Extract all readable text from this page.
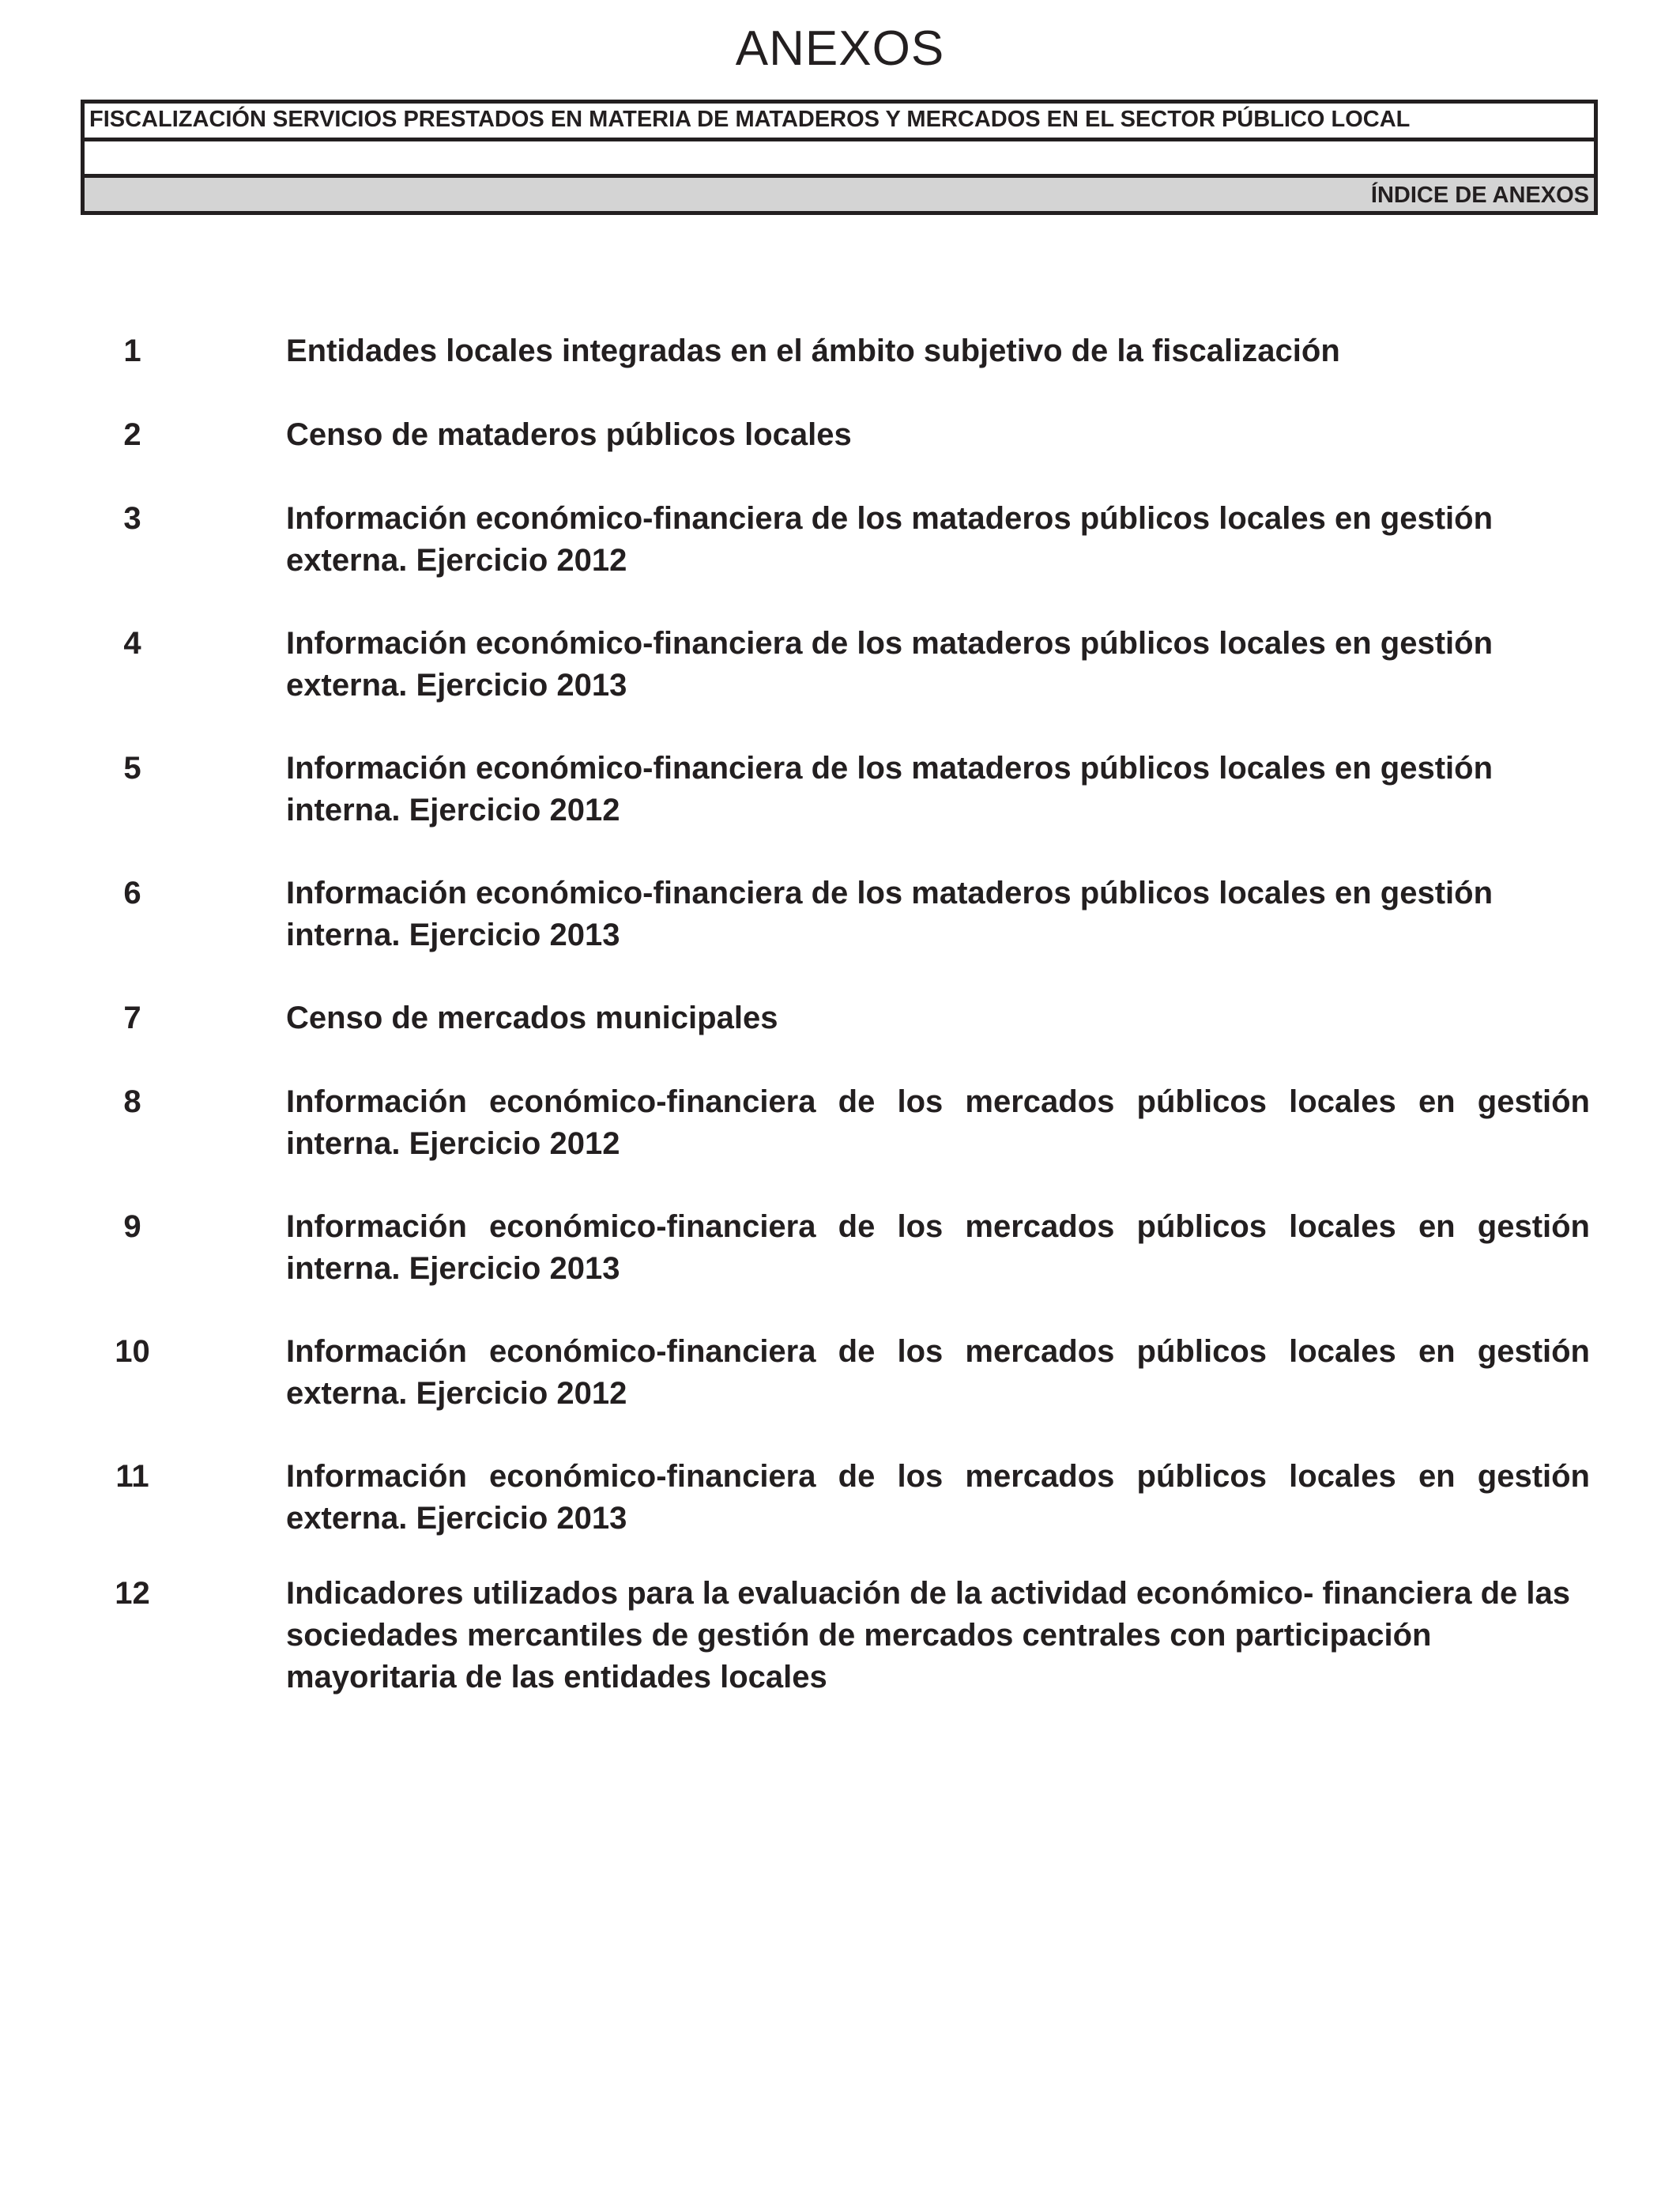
ANEXOS
FISCALIZACIÓN SERVICIOS PRESTADOS EN MATERIA DE MATADEROS Y MERCADOS EN EL SECTOR PÚBLICO LOCAL
ÍNDICE DE ANEXOS
1	Entidades locales integradas en el ámbito subjetivo de la fiscalización
2	Censo de mataderos públicos locales
3	Información económico-financiera de los mataderos públicos locales en gestión externa. Ejercicio 2012
4	Información económico-financiera de los mataderos públicos locales en gestión externa. Ejercicio 2013
5	Información económico-financiera de los mataderos públicos locales en gestión interna. Ejercicio 2012
6	Información económico-financiera de los mataderos públicos locales en gestión interna. Ejercicio 2013
7	Censo de mercados municipales
8	Información económico-financiera de los mercados públicos locales en gestión interna. Ejercicio 2012
9	Información económico-financiera de los mercados públicos locales en gestión interna. Ejercicio 2013
10	Información económico-financiera de los mercados públicos locales en gestión externa. Ejercicio 2012
11	Información económico-financiera de los mercados públicos locales en gestión externa. Ejercicio 2013
12	Indicadores utilizados para la evaluación de la actividad económico- financiera de las sociedades mercantiles de gestión de mercados centrales con participación mayoritaria de las entidades locales
